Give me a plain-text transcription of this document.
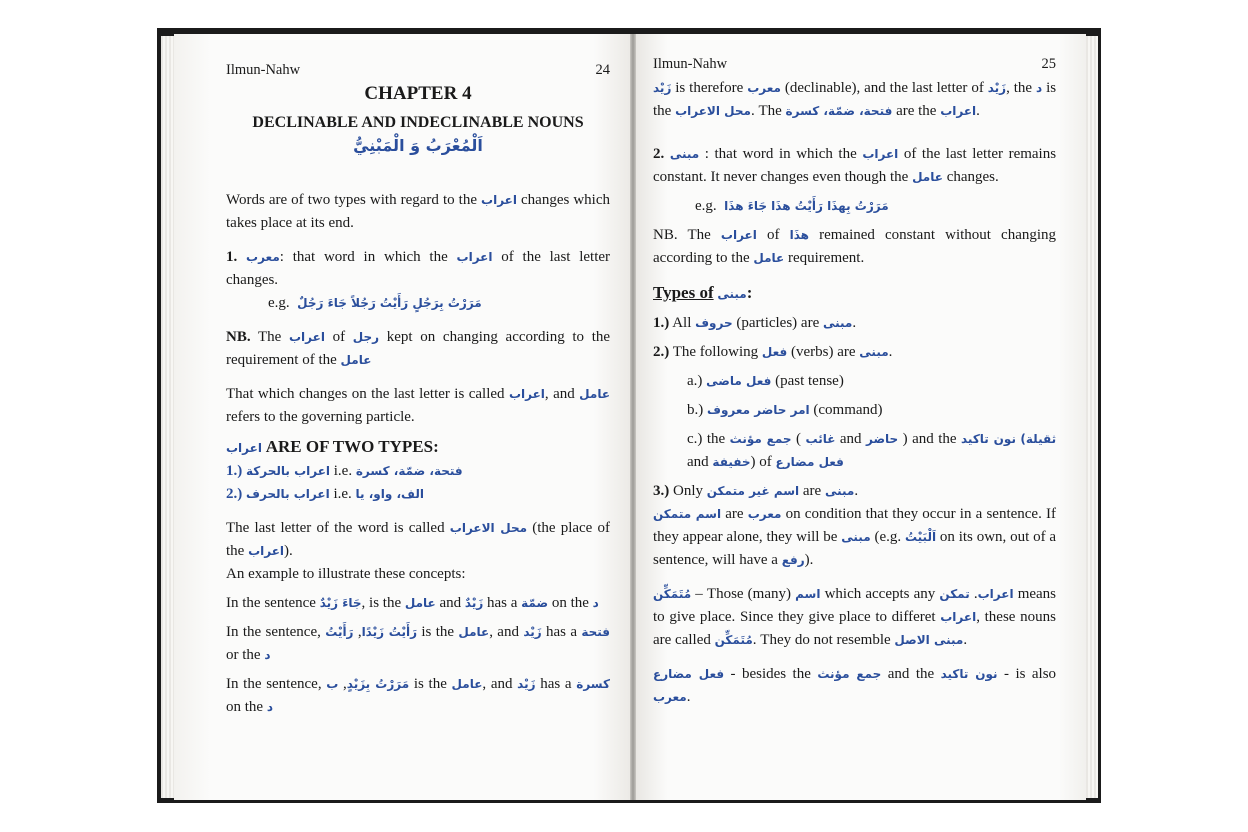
Ilmun-Nahw	24
CHAPTER 4
DECLINABLE AND INDECLINABLE NOUNS

اَلْمُعْرَبُ وَ الْمَبْنِيُّ

Words are of two types with regard to the اعراب changes which takes place at its end.

1. معرب: that word in which the اعراب of the last letter changes.

e.g. مَرَرْتُ بِرَجُلٍ رَأَيْتُ رَجُلاً جَاءَ رَجُلٌ

NB. The اعراب of رجل kept on changing according to the requirement of the عامل

That which changes on the last letter is called اعراب, and عامل refers to the governing particle.

اعراب ARE OF TWO TYPES:

1.) اعراب بالحركة i.e. فتحة، ضمّة، كسرة

2.) اعراب بالحرف i.e. الف، واو، يا

The last letter of the word is called محل الاعراب (the place of the اعراب).

An example to illustrate these concepts:

In the sentence جَاءَ زَيْدٌ, is the عامل and زَيْدٌ has a ضمّة on the د

In the sentence,	رَأَيْتُ زَيْدًا, رَأَيْتُ	is the عامل, and زَيْد has a فتحة or the د

In the sentence, مَرَرْتُ بِزَيْدٍ, ب	is the عامل, and زَيْد has a كسرة on the د

Ilmun-Nahw	25

زَيْد is therefore معرب (declinable), and the last letter of زَيْد, the د is the محل الاعراب. The فتحة، ضمّة، كسرة are the اعراب.

2. مبنى : that word in which the اعراب of the last letter remains constant. It never changes even though the عامل changes.

e.g. مَرَرْتُ بِهذَا رَأَيْتُ هذَا جَاءَ هذَا

NB. The اعراب of هذَا remained constant without changing according to the عامل requirement.

Types of مبنى:

1.) All حروف (particles) are مبنى.

2.) The following فعل (verbs) are مبنى.

a.) فعل ماضى (past tense)

b.) امر حاضر معروف (command)

c.) the جمع مؤنث ( غائب and حاضر ) and the نون تاكيد (ثقيلة and خفيفة) of فعل مضارع

3.) Only اسم غير متمكن are مبنى.

اسم متمكن are معرب on condition that they occur in a sentence. If they appear alone, they will be مبنى (e.g. اَلْبَيْتُ on its own, out of a sentence, will have a رفع).

مُتَمَكِّن – Those (many) اسم which accepts any	اعراب. تمكن	means to give place. Since they give place to differet اعراب, these nouns are called مُتَمَكِّن. They do not resemble مبنى الاصل.

فعل مضارع - besides the جمع مؤنث and the نون تاكيد - is also معرب.
